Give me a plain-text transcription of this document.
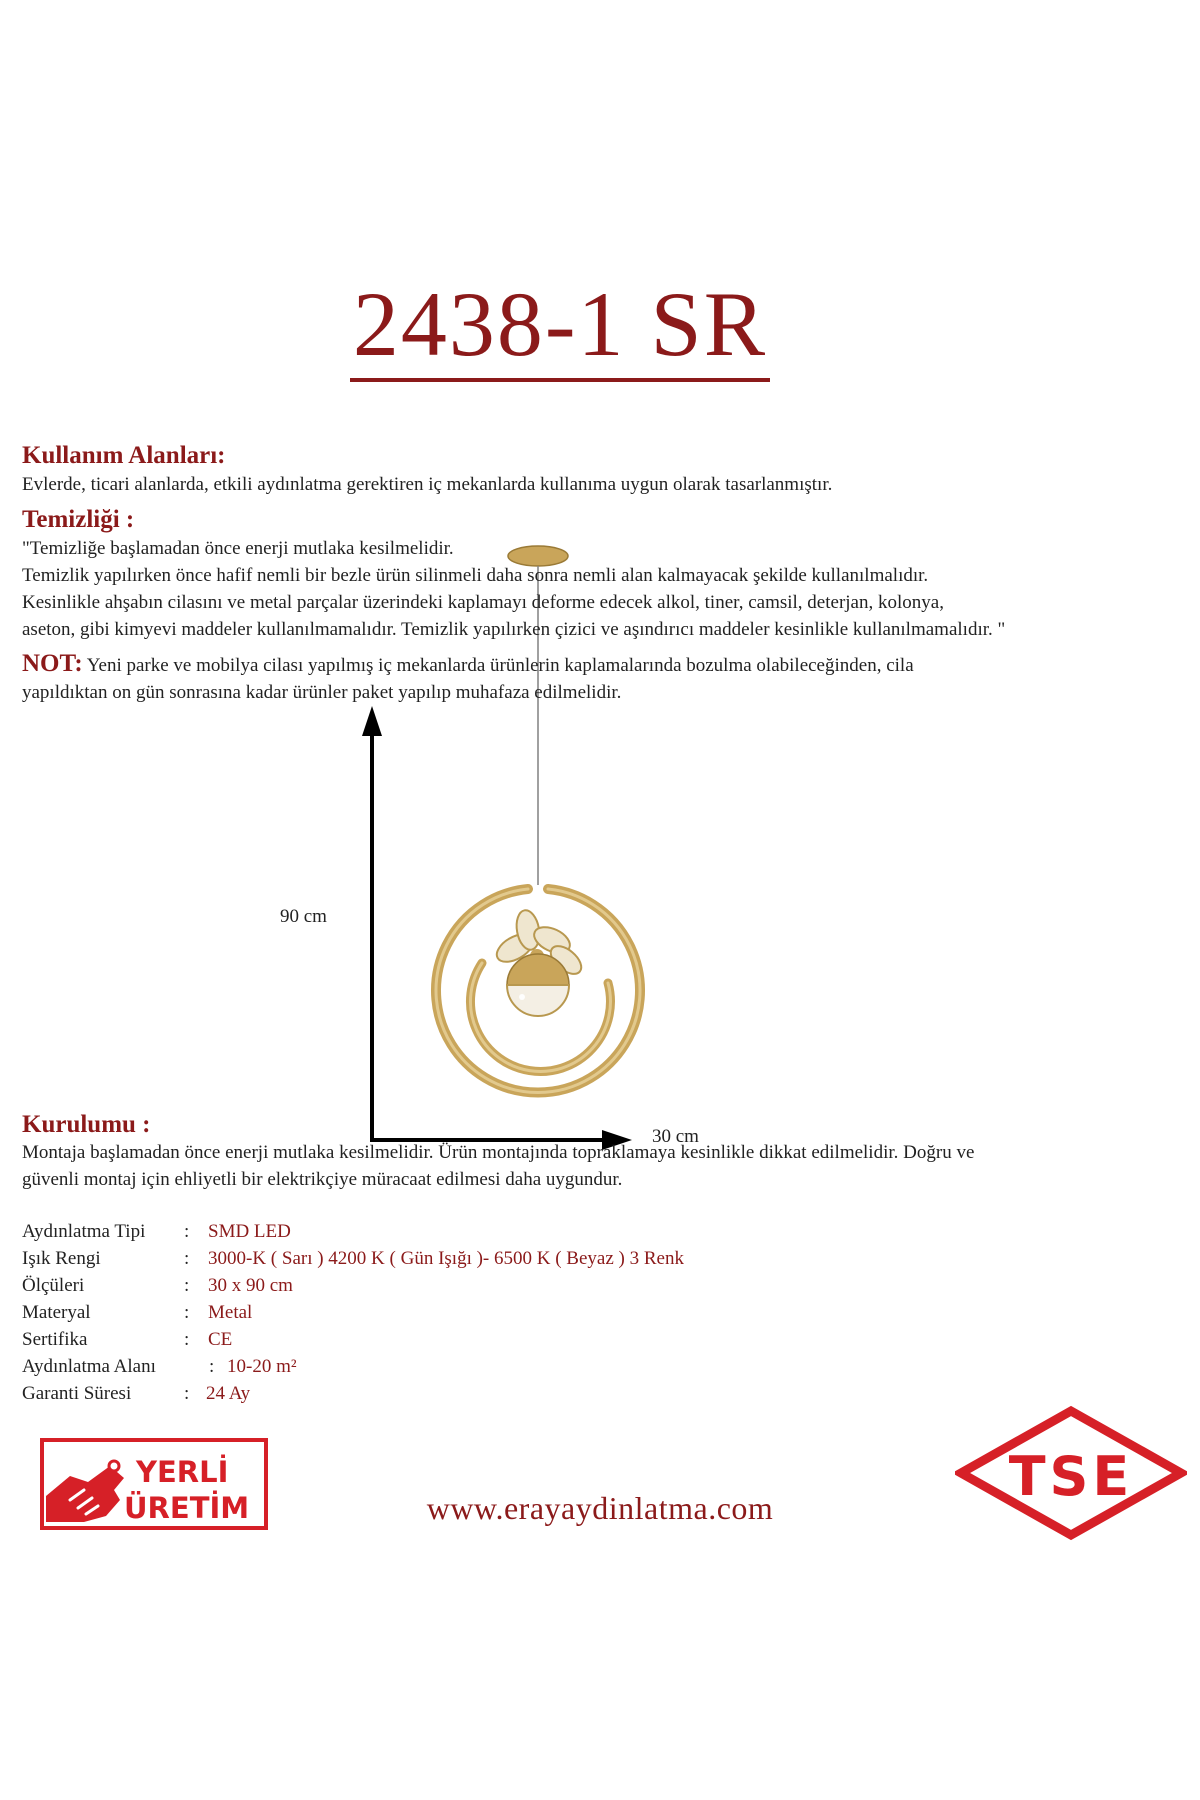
2438-1 SR
90 cm
30 cm
Kullanım Alanları:
Evlerde, ticari alanlarda, etkili aydınlatma gerektiren iç mekanlarda kullanıma uygun olarak tasarlanmıştır.
Temizliği :

"Temizliğe başlamadan önce enerji mutlaka kesilmelidir.

Temizlik yapılırken önce hafif nemli bir bezle ürün silinmeli daha sonra nemli alan kalmayacak şekilde kullanılmalıdır.

Kesinlikle ahşabın cilasını ve metal parçalar üzerindeki kaplamayı deforme edecek alkol, tiner, camsil, deterjan, kolonya,

aseton, gibi kimyevi maddeler kullanılmamalıdır. Temizlik yapılırken çizici ve aşındırıcı maddeler kesinlikle kullanılmamalıdır. "

NOT: Yeni parke ve mobilya cilası yapılmış iç mekanlarda ürünlerin kaplamalarında bozulma olabileceğinden, cila

yapıldıktan on gün sonrasına kadar ürünler paket yapılıp muhafaza edilmelidir.

Kurulumu :

Montaja başlamadan önce enerji mutlaka kesilmelidir. Ürün montajında topraklamaya kesinlikle dikkat edilmelidir. Doğru ve

güvenli montaj için ehliyetli bir elektrikçiye müracaat edilmesi daha uygundur.

Aydınlatma Tipi	: SMD LED
Işık Rengi	: 3000-K ( Sarı ) 4200 K ( Gün Işığı )- 6500 K ( Beyaz ) 3 Renk
Ölçüleri	: 30 x 90 cm
Materyal	: Metal
Sertifika	: CE
Aydınlatma Alanı	: 10-20 m²
Garanti Süresi	: 24 Ay
YERLİ
ÜRETİM	TSE
www.erayaydinlatma.com
